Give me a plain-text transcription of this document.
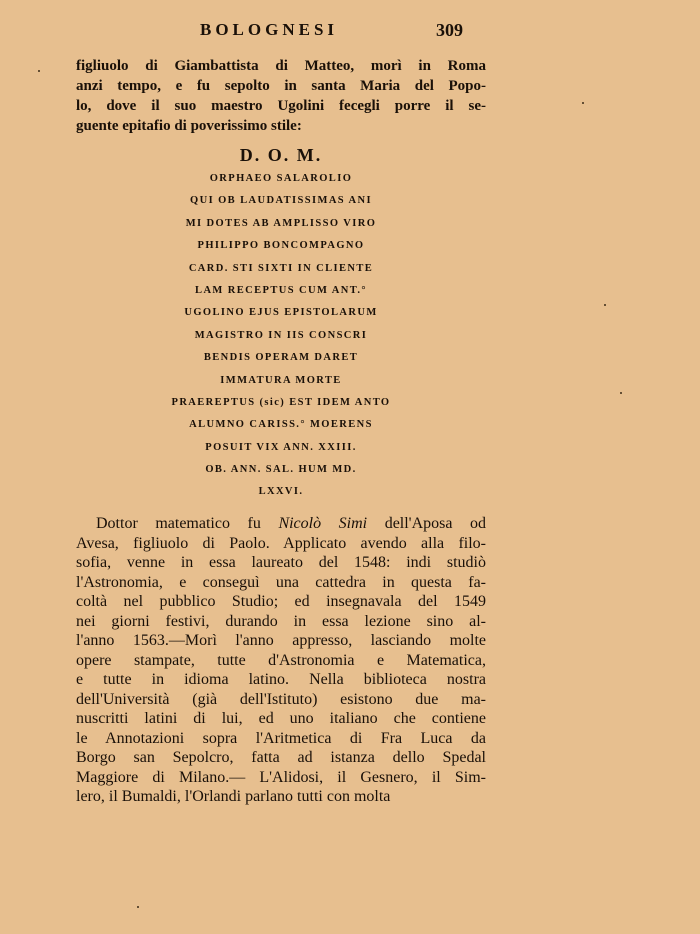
BOLOGNESI	309
figliuolo di Giambattista di Matteo, morì in Roma
anzi tempo, e fu sepolto in santa Maria del Popo-
lo, dove il suo maestro Ugolini fecegli porre il se-
guente epitafio di poverissimo stile:
D. O. M.
ORPHAEO SALAROLIO
QUI OB LAUDATISSIMAS ANI
MI DOTES AB AMPLISSO VIRO
PHILIPPO BONCOMPAGNO
CARD. STI SIXTI IN CLIENTE
LAM RECEPTUS CUM ANT.°
UGOLINO EJUS EPISTOLARUM
MAGISTRO IN IIS CONSCRI
BENDIS OPERAM DARET
IMMATURA MORTE
PRAEREPTUS (sic) EST IDEM ANTO
ALUMNO CARISS.° MOERENS
POSUIT VIX ANN. XXIII.
OB. ANN. SAL. HUM MD.
LXXVI.
Dottor matematico fu Nicolò Simi dell'Aposa od
Avesa, figliuolo di Paolo. Applicato avendo alla filo-
sofia, venne in essa laureato del 1548: indi studiò
l'Astronomia, e conseguì una cattedra in questa fa-
coltà nel pubblico Studio; ed insegnavala del 1549
nei giorni festivi, durando in essa lezione sino al-
l'anno 1563.—Morì l'anno appresso, lasciando molte
opere stampate, tutte d'Astronomia e Matematica,
e tutte in idioma latino. Nella biblioteca nostra
dell'Università (già dell'Istituto) esistono due ma-
nuscritti latini di lui, ed uno italiano che contiene
le Annotazioni sopra l'Aritmetica di Fra Luca da
Borgo san Sepolcro, fatta ad istanza dello Spedal
Maggiore di Milano.— L'Alidosi, il Gesnero, il Sim-
lero, il Bumaldi, l'Orlandi parlano tutti con molta
